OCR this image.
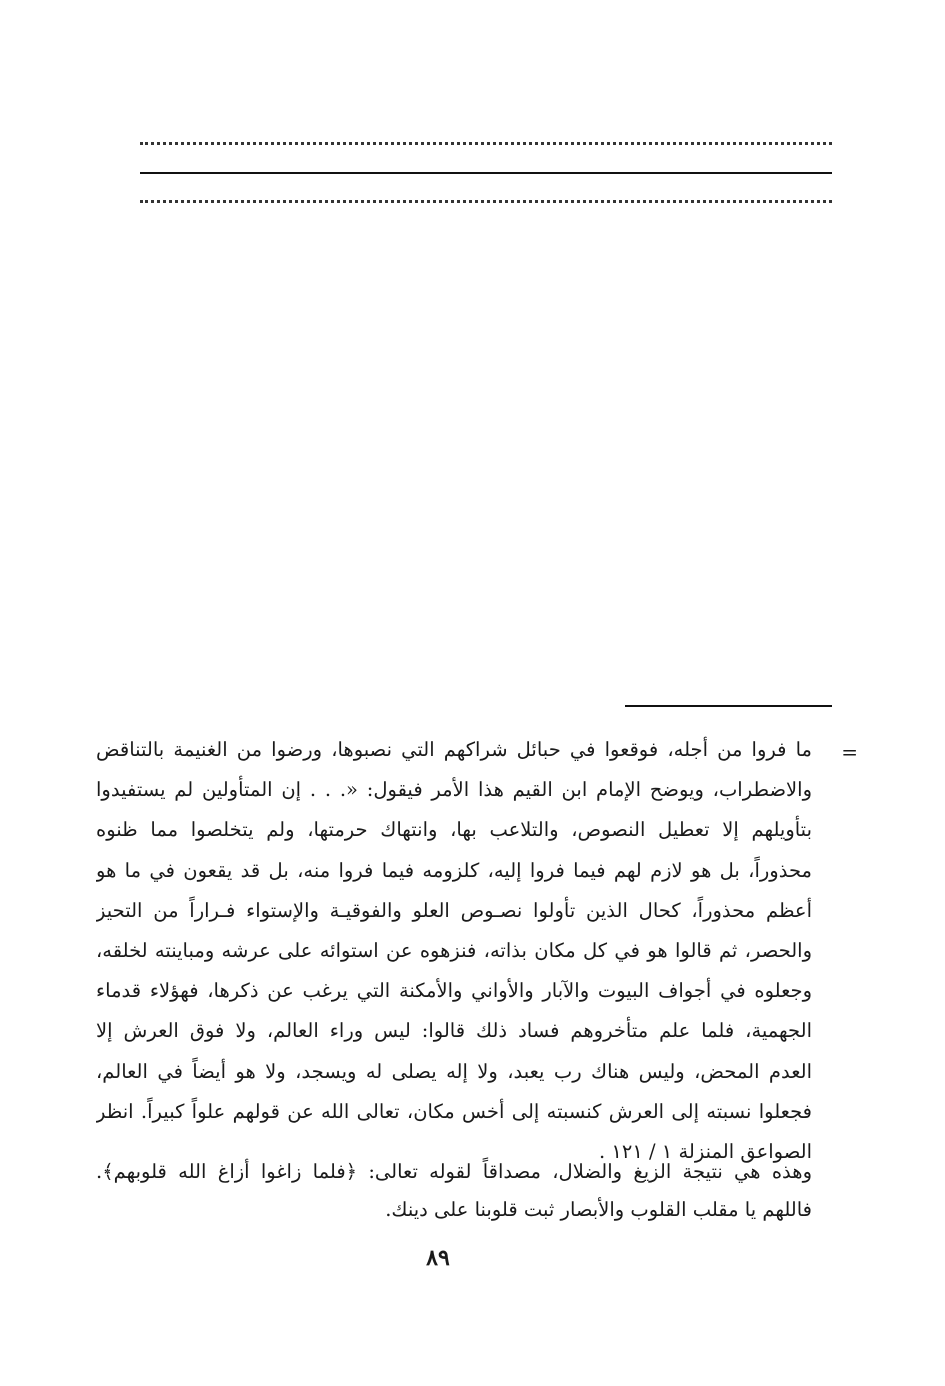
=
ما فروا من أجله، فوقعوا في حبائل شراكهم التي نصبوها، ورضوا من الغنيمة بالتناقض
والاضطراب، ويوضح الإمام ابن القيم هذا الأمر فيقول: «. . . إن المتأولين لم يستفيدوا
بتأويلهم إلا تعطيل النصوص، والتلاعب بها، وانتهاك حرمتها، ولم يتخلصوا مما ظنوه
محذوراً، بل هو لازم لهم فيما فروا إليه، كلزومه فيما فروا منه، بل قد يقعون في ما هو
أعظم محذوراً، كحال الذين تأولوا نصـوص العلو والفوقيـة والإستواء فـراراً من التحيز
والحصر، ثم قالوا هو في كل مكان بذاته، فنزهوه عن استوائه على عرشه ومباينته لخلقه،
وجعلوه في أجواف البيوت والآبار والأواني والأمكنة التي يرغب عن ذكرها، فهؤلاء قدماء
الجهمية، فلما علم متأخروهم فساد ذلك قالوا: ليس وراء العالم، ولا فوق العرش إلا
العدم المحض، وليس هناك رب يعبد، ولا إله يصلى له ويسجد، ولا هو أيضاً في العالم،
فجعلوا نسبته إلى العرش كنسبته إلى أخس مكان، تعالى الله عن قولهم علواً كبيراً. انظر
الصواعق المنزلة ١ / ١٢١ .
وهذه هي نتيجة الزيغ والضلال، مصداقاً لقوله تعالى: ﴿فلما زاغوا أزاغ الله قلوبهم﴾.
فاللهم يا مقلب القلوب والأبصار ثبت قلوبنا على دينك.
٨٩
